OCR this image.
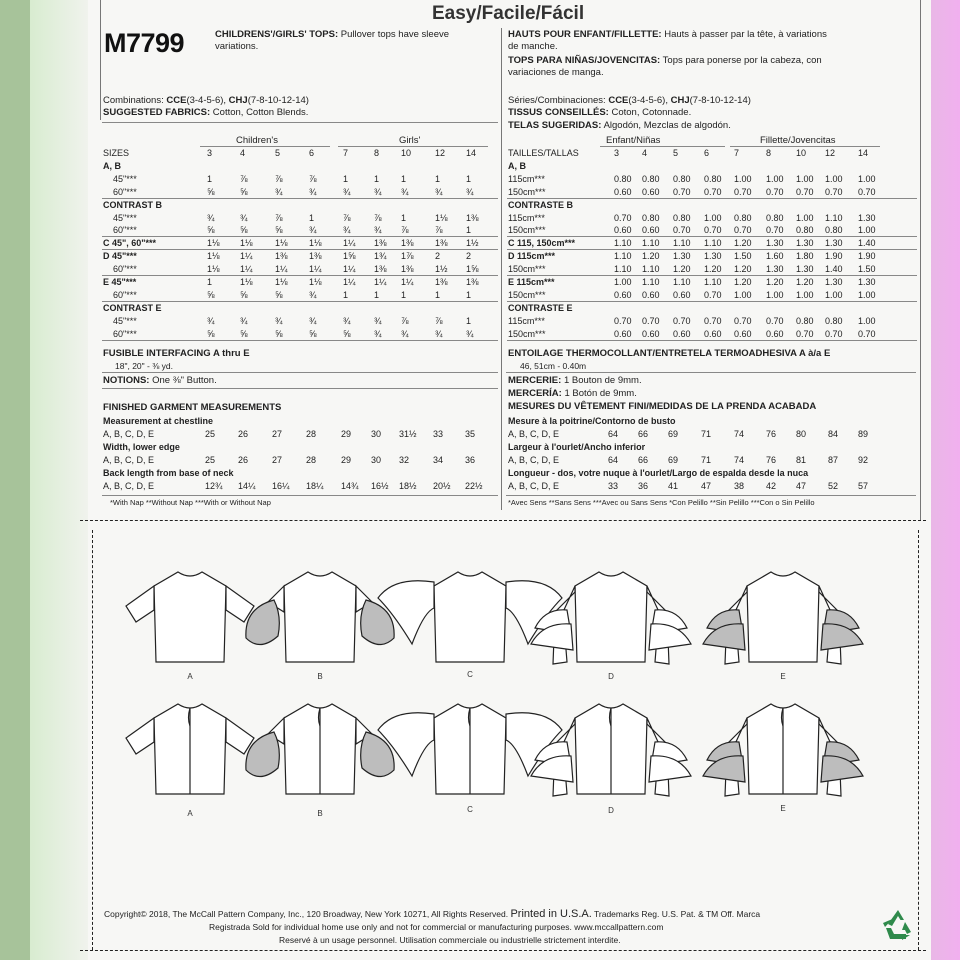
Easy/Facile/Fácil
M7799	CHILDRENS'/GIRLS' TOPS: Pullover tops have sleeve
variations.
HAUTS POUR ENFANT/FILLETTE: Hauts à passer par la tête, à variations
de manche.
TOPS PARA NIÑAS/JOVENCITAS: Tops para ponerse por la cabeza, con
variaciones de manga.
Combinations: CCE(3-4-5-6), CHJ(7-8-10-12-14)
SUGGESTED FABRICS: Cotton, Cotton Blends.
Children's	Girls'
SIZES	3	4	5	6	7	8 10	12 14
A, B
45"***	1	⅞	⅞	⅞	1	1 1	1	1
60"***	⅝	⅝	¾	¾	¾	¾ ¾	¾	¾
CONTRAST B
45"***	¾	¾	⅞	1	⅞	⅞ 1	1⅛ 1⅜
60"***	⅝	⅝	⅝	¾	¾	¾ ⅞	⅞	1
C 45", 60"***	1⅛ 1⅛ 1⅛ 1⅛ 1¼ 1⅜ 1⅜ 1⅜ 1½
D 45"***	1⅛ 1¼ 1⅜ 1⅜ 1⅝ 1¾ 1⅞ 2	2
60"***	1⅛ 1¼ 1¼ 1¼ 1¼ 1⅜ 1⅜ 1½ 1⅝
E 45"***	1	1⅛ 1⅛ 1⅛ 1¼ 1¼ 1¼ 1⅜ 1⅜
60"***	⅝	⅝	⅝	¾	1	1 1	1	1
CONTRAST E
45"***	¾	¾	¾	¾	¾	¾ ⅞	⅞	1
60"***	⅝	⅝	⅝	⅝	⅝	¾ ¾	¾	¾
Séries/Combinaciones: CCE(3-4-5-6), CHJ(7-8-10-12-14)
TISSUS CONSEILLÉS: Coton, Cotonnade.
TELAS SUGERIDAS: Algodón, Mezclas de algodón.
Enfant/Niñas	Fillette/Jovencitas
TAILLES/TALLAS	3	4	5	6	7	8	10 12	14
A, B
115cm***	0.80 0.80 0.80 0.80 1.00 1.00 1.00 1.00 1.00
150cm***	0.60 0.60 0.70 0.70 0.70 0.70 0.70 0.70 0.70
CONTRASTE B
115cm***	0.70 0.80 0.80 1.00 0.80 0.80 1.00 1.10 1.30
150cm***	0.60 0.60 0.70 0.70 0.70 0.70 0.80 0.80 1.00
C 115, 150cm***	1.10 1.10 1.10 1.10 1.20 1.30 1.30 1.30 1.40
D 115cm***	1.10 1.20 1.30 1.30 1.50 1.60 1.80 1.90 1.90
150cm***	1.10 1.10 1.20 1.20 1.20 1.30 1.30 1.40 1.50
E 115cm***	1.00 1.10 1.10 1.10 1.20 1.20 1.20 1.30 1.30
150cm***	0.60 0.60 0.60 0.70 1.00 1.00 1.00 1.00 1.00
CONTRASTE E
115cm***	0.70 0.70 0.70 0.70 0.70 0.70 0.80 0.80 1.00
150cm***	0.60 0.60 0.60 0.60 0.60 0.60 0.70 0.70 0.70
FUSIBLE INTERFACING A thru E
18", 20" - ⅜ yd.
NOTIONS: One ⅜" Button.
FINISHED GARMENT MEASUREMENTS
Measurement at chestline
A, B, C, D, E	25	26	27	28	29 30 31½ 33 35
Width, lower edge
A, B, C, D, E	25	26	27	28	29 30 32	34 36
Back length from base of neck
A, B, C, D, E	12¾ 14¼ 16¼ 18¼ 14¾ 16½ 18½ 20½ 22½
*With Nap **Without Nap ***With or Without Nap
ENTOILAGE THERMOCOLLANT/ENTRETELA TERMOADHESIVA A à/a E
46, 51cm - 0.40m
MERCERIE: 1 Bouton de 9mm.
MERCERÍA: 1 Botón de 9mm.
MESURES DU VÊTEMENT FINI/MEDIDAS DE LA PRENDA ACABADA
Mesure à la poitrine/Contorno de busto
A, B, C, D, E	64 66 69	71	74 76 80 84 89
Largeur à l'ourlet/Ancho inferior
A, B, C, D, E	64 66 69	71	74 76 81 87 92
Longueur - dos, votre nuque à l'ourlet/Largo de espalda desde la nuca
A, B, C, D, E	33 36 41	47	38 42 47 52 57
*Avec Sens **Sans Sens ***Avec ou Sans Sens *Con Pelillo **Sin Pelillo ***Con o Sin Pelillo
A	B	C	D	E
A	B	C	D	E
Copyright© 2018, The McCall Pattern Company, Inc., 120 Broadway, New York 10271, All Rights Reserved. Printed in U.S.A. Trademarks Reg. U.S. Pat. & TM Off. Marca
Registrada Sold for individual home use only and not for commercial or manufacturing purposes. www.mccallpattern.com
Reservé à un usage personnel. Utilisation commerciale ou industrielle strictement interdite.
